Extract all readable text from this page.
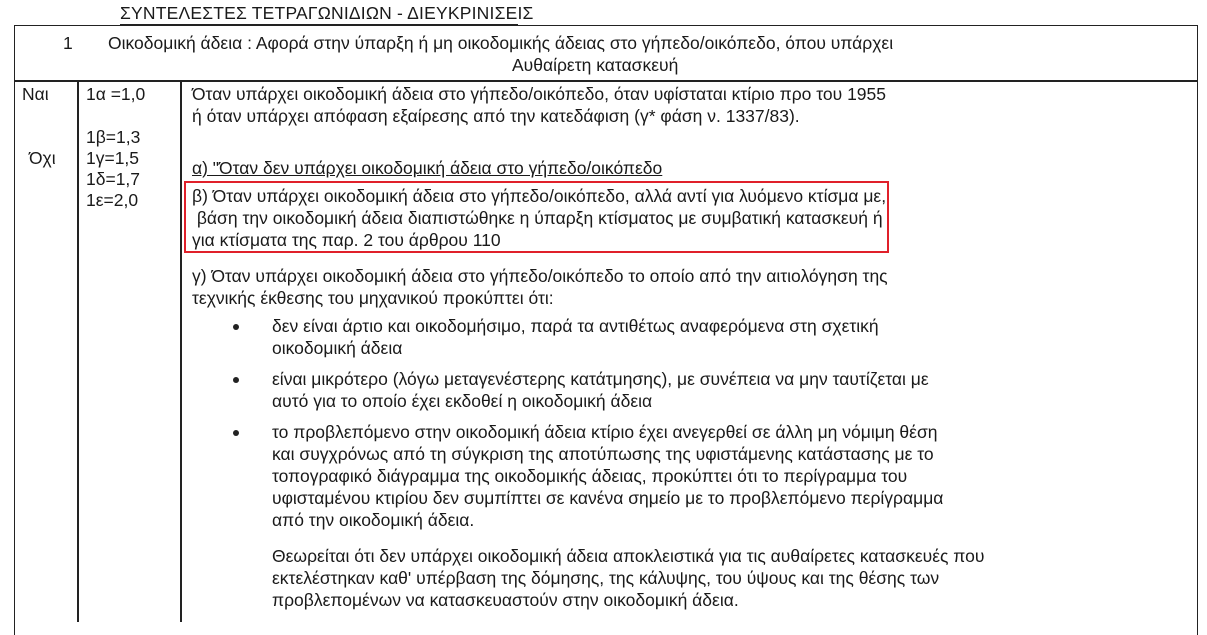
ΣΥΝΤΕΛΕΣΤΕΣ ΤΕΤΡΑΓΩΝΙΔΙΩΝ - ΔΙΕΥΚΡΙΝΙΣΕΙΣ
1 Οικοδομική άδεια : Αφορά στην ύπαρξη ή μη οικοδομικής άδειας στο γήπεδο/οικόπεδο, όπου υπάρχει
Αυθαίρετη κατασκευή
Ναι
Όχι
1α =1,0
1β=1,3
1γ=1,5
1δ=1,7
1ε=2,0
Όταν υπάρχει οικοδομική άδεια στο γήπεδο/οικόπεδο, όταν υφίσταται κτίριο προ του 1955
ή όταν υπάρχει απόφαση εξαίρεσης από την κατεδάφιση (γ* φάση ν. 1337/83).
α) "Όταν δεν υπάρχει οικοδομική άδεια στο γήπεδο/οικόπεδο
β) Όταν υπάρχει οικοδομική άδεια στο γήπεδο/οικόπεδο, αλλά αντί για λυόμενο κτίσμα με,
βάση την οικοδομική άδεια διαπιστώθηκε η ύπαρξη κτίσματος με συμβατική κατασκευή ή
για κτίσματα της παρ. 2 του άρθρου 110
γ) Όταν υπάρχει οικοδομική άδεια στο γήπεδο/οικόπεδο το οποίο από την αιτιολόγηση της
τεχνικής έκθεσης του μηχανικού προκύπτει ότι:
δεν είναι άρτιο και οικοδομήσιμο, παρά τα αντιθέτως αναφερόμενα στη σχετική
οικοδομική άδεια
είναι μικρότερο (λόγω μεταγενέστερης κατάτμησης), με συνέπεια να μην ταυτίζεται με
αυτό για το οποίο έχει εκδοθεί η οικοδομική άδεια
το προβλεπόμενο στην οικοδομική άδεια κτίριο έχει ανεγερθεί σε άλλη μη νόμιμη θέση
και συγχρόνως από τη σύγκριση της αποτύπωσης της υφιστάμενης κατάστασης με το
τοπογραφικό διάγραμμα της οικοδομικής άδειας, προκύπτει ότι το περίγραμμα του
υφισταμένου κτιρίου δεν συμπίπτει σε κανένα σημείο με το προβλεπόμενο περίγραμμα
από την οικοδομική άδεια.
Θεωρείται ότι δεν υπάρχει οικοδομική άδεια αποκλειστικά για τις αυθαίρετες κατασκευές που
εκτελέστηκαν καθ' υπέρβαση της δόμησης, της κάλυψης, του ύψους και της θέσης των
προβλεπομένων να κατασκευαστούν στην οικοδομική άδεια.
